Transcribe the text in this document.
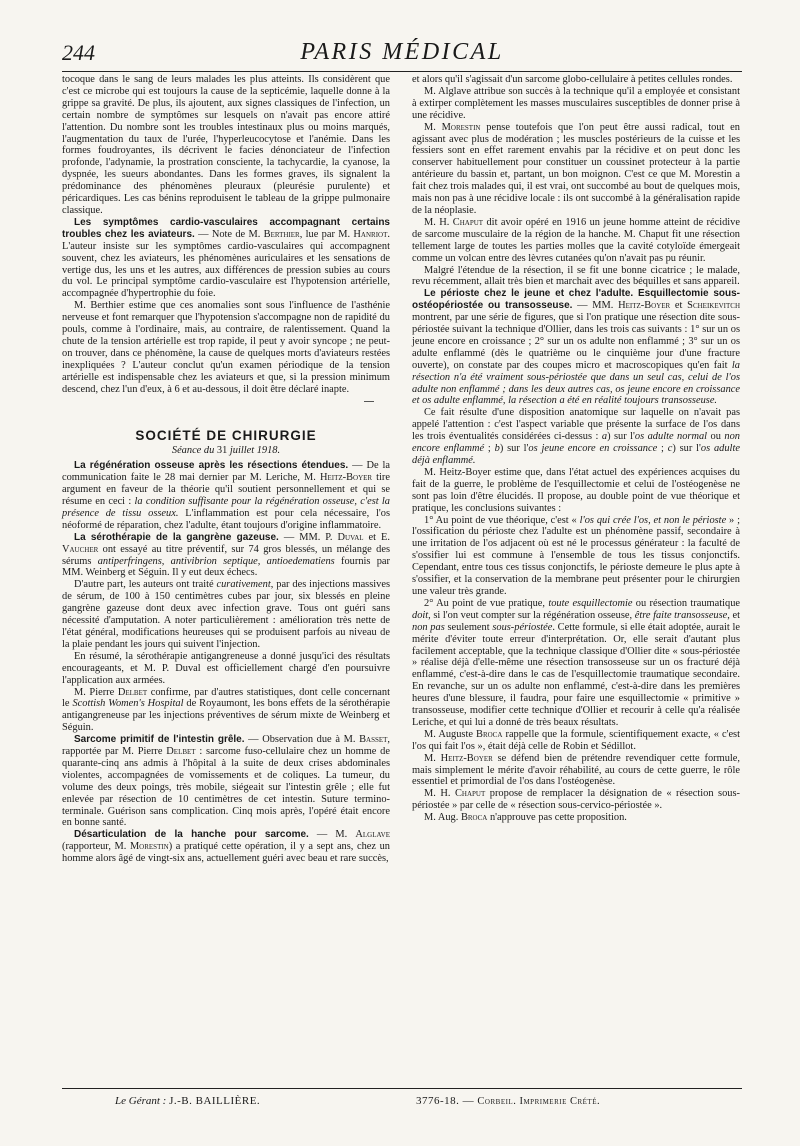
244	PARIS MÉDICAL

tocoque dans le sang de leurs malades les plus atteints. Ils considèrent que c'est ce microbe qui est toujours la cause de la septicémie, laquelle donne à la grippe sa gravité. De plus, ils ajoutent, aux signes classiques de l'infection, un certain nombre de symptômes sur lesquels on n'avait pas encore attiré l'attention. Du nombre sont les troubles intestinaux plus ou moins marqués, l'augmentation du taux de l'urée, l'hyperleucocytose et l'anémie. Dans les formes foudroyantes, ils décrivent le facies dénonciateur de l'infection profonde, l'adynamie, la prostration consciente, la tachycardie, la cyanose, la dyspnée, les sueurs abondantes. Dans les formes graves, ils signalent la prédominance des phénomènes pleuraux (pleurésie purulente) et péricardiques. Les cas bénins reproduisent le tableau de la grippe pulmonaire classique.

Les symptômes cardio-vasculaires accompagnant certains troubles chez les aviateurs. — Note de M. Berthier, lue par M. Hanriot. L'auteur insiste sur les symptômes cardio-vasculaires qui accompagnent souvent, chez les aviateurs, les phénomènes auriculaires et les sensations de vertige dus, les uns et les autres, aux différences de pression subies au cours du vol. Le principal symptôme cardio-vasculaire est l'hypotension artérielle, accompagnée d'hypertrophie du foie.

M. Berthier estime que ces anomalies sont sous l'influence de l'asthénie nerveuse et font remarquer que l'hypotension s'accompagne non de rapidité du pouls, comme à l'ordinaire, mais, au contraire, de ralentissement. Quand la chute de la tension artérielle est trop rapide, il peut y avoir syncope ; ne peut-on trouver, dans ce phénomène, la cause de quelques morts d'aviateurs restées inexpliquées ? L'auteur conclut qu'un examen périodique de la tension artérielle est indispensable chez les aviateurs et que, si la pression minimum descend, chez l'un d'eux, à 6 et au-dessous, il doit être déclaré inapte.

SOCIÉTÉ DE CHIRURGIE
Séance du 31 juillet 1918.

La régénération osseuse après les résections étendues. — De la communication faite le 28 mai dernier par M. Leriche, M. Heitz-Boyer tire argument en faveur de la théorie qu'il soutient personnellement et qui se résume en ceci : la condition suffisante pour la régénération osseuse, c'est la présence de tissu osseux. L'inflammation est pour cela nécessaire, l'os néoformé de réparation, chez l'adulte, étant toujours d'origine inflammatoire.

La sérothérapie de la gangrène gazeuse. — MM. P. Duval et E. Vaucher ont essayé au titre préventif, sur 74 gros blessés, un mélange des sérums antiperfringens, antivibrion septique, antioedematiens fournis par MM. Weinberg et Séguin. Il y eut deux échecs.

D'autre part, les auteurs ont traité curativement, par des injections massives de sérum, de 100 à 150 centimètres cubes par jour, six blessés en pleine gangrène gazeuse dont deux avec infection grave. Tous ont guéri sans nécessité d'amputation. A noter particulièrement : amélioration très nette de l'état général, modifications heureuses qui se produisent parfois au niveau de la plaie pendant les jours qui suivent l'injection.

En résumé, la sérothérapie antigangreneuse a donné jusqu'ici des résultats encourageants, et M. P. Duval est officiellement chargé d'en poursuivre l'application aux armées.

M. Pierre Delbet confirme, par d'autres statistiques, dont celle concernant le Scottish Women's Hospital de Royaumont, les bons effets de la sérothérapie antigangreneuse par les injections préventives de sérum mixte de Weinberg et Séguin.

Sarcome primitif de l'intestin grêle. — Observation due à M. Basset, rapportée par M. Pierre Delbet : sarcome fuso-cellulaire chez un homme de quarante-cinq ans admis à l'hôpital à la suite de deux crises abdominales violentes, accompagnées de vomissements et de coliques. La tumeur, du volume des deux poings, très mobile, siégeait sur l'intestin grêle ; elle fut enlevée par résection de 10 centimètres de cet intestin. Suture termino-terminale. Guérison sans complication. Cinq mois après, l'opéré était encore en bonne santé.

Désarticulation de la hanche pour sarcome. — M. Alglave (rapporteur, M. Morestin) a pratiqué cette opération, il y a sept ans, chez un homme alors âgé de vingt-six ans, actuellement guéri avec beau et rare succès,

et alors qu'il s'agissait d'un sarcome globo-cellulaire à petites cellules rondes.

M. Alglave attribue son succès à la technique qu'il a employée et consistant à extirper complètement les masses musculaires susceptibles de donner prise à une récidive.

M. Morestin pense toutefois que l'on peut être aussi radical, tout en agissant avec plus de modération ; les muscles postérieurs de la cuisse et les fessiers sont en effet rarement envahis par la récidive et on peut donc les conserver habituellement pour constituer un coussinet protecteur à la partie antérieure du bassin et, partant, un bon moignon. C'est ce que M. Morestin a fait chez trois malades qui, il est vrai, ont succombé au bout de quelques mois, mais non pas à une récidive locale : ils ont succombé à la généralisation rapide de la néoplasie.

M. H. Chaput dit avoir opéré en 1916 un jeune homme atteint de récidive de sarcome musculaire de la région de la hanche. M. Chaput fit une résection tellement large de toutes les parties molles que la cavité cotyloïde émergeait comme un volcan entre des lèvres cutanées qu'on n'avait pas pu réunir.

Malgré l'étendue de la résection, il se fit une bonne cicatrice ; le malade, revu récemment, allait très bien et marchait avec des béquilles et sans appareil.

Le périoste chez le jeune et chez l'adulte. Esquillectomie sous-ostéopériostée ou transosseuse. — MM. Heitz-Boyer et Scheikevitch montrent, par une série de figures, que si l'on pratique une résection dite sous-périostée suivant la technique d'Ollier, dans les trois cas suivants : 1° sur un os jeune encore en croissance ; 2° sur un os adulte non enflammé ; 3° sur un os adulte enflammé (dès le quatrième ou le cinquième jour d'une fracture ouverte), on constate par des coupes micro et macroscopiques qu'en fait la résection n'a été vraiment sous-périostée que dans un seul cas, celui de l'os adulte non enflammé ; dans les deux autres cas, os jeune encore en croissance et os adulte enflammé, la résection a été en réalité toujours transosseuse.

Ce fait résulte d'une disposition anatomique sur laquelle on n'avait pas appelé l'attention : c'est l'aspect variable que présente la surface de l'os dans les trois éventualités considérées ci-dessus : a) sur l'os adulte normal ou non encore enflammé ; b) sur l'os jeune encore en croissance ; c) sur l'os adulte déjà enflammé.

M. Heitz-Boyer estime que, dans l'état actuel des expériences acquises du fait de la guerre, le problème de l'esquillectomie et celui de l'ostéogenèse ne sont pas loin d'être élucidés. Il propose, au double point de vue théorique et pratique, les conclusions suivantes :

1° Au point de vue théorique, c'est « l'os qui crée l'os, et non le périoste » ; l'ossification du périoste chez l'adulte est un phénomène passif, secondaire à une irritation de l'os adjacent où est né le processus générateur : la faculté de s'ossifier lui est commune à l'ensemble de tous les tissus conjonctifs. Cependant, entre tous ces tissus conjonctifs, le périoste demeure le plus apte à s'ossifier, et la conservation de la membrane peut présenter pour le chirurgien une valeur très grande.

2° Au point de vue pratique, toute esquillectomie ou résection traumatique doit, si l'on veut compter sur la régénération osseuse, être faite transosseuse, et non pas seulement sous-périostée. Cette formule, si elle était adoptée, aurait le mérite d'éviter toute erreur d'interprétation. Or, elle serait d'autant plus facilement acceptable, que la technique classique d'Ollier dite « sous-périostée » réalise déjà d'elle-même une résection transosseuse sur un os fracturé déjà enflammé, c'est-à-dire dans le cas de l'esquillectomie traumatique secondaire. En revanche, sur un os adulte non enflammé, c'est-à-dire dans les premières heures d'une blessure, il faudra, pour faire une esquillectomie « primitive » transosseuse, modifier cette technique d'Ollier et recourir à celle qu'a réalisée Leriche, et qui lui a donné de très beaux résultats.

M. Auguste Broca rappelle que la formule, scientifiquement exacte, « c'est l'os qui fait l'os », était déjà celle de Robin et Sédillot.

M. Heitz-Boyer se défend bien de prétendre revendiquer cette formule, mais simplement le mérite d'avoir réhabilité, au cours de cette guerre, le rôle essentiel et primordial de l'os dans l'ostéogenèse.

M. H. Chaput propose de remplacer la désignation de « résection sous-périostée » par celle de « résection sous-cervico-périostée ».

M. Aug. Broca n'approuve pas cette proposition.

Le Gérant : J.-B. BAILLIÈRE.	3776-18. — Corbeil. Imprimerie Crété.
